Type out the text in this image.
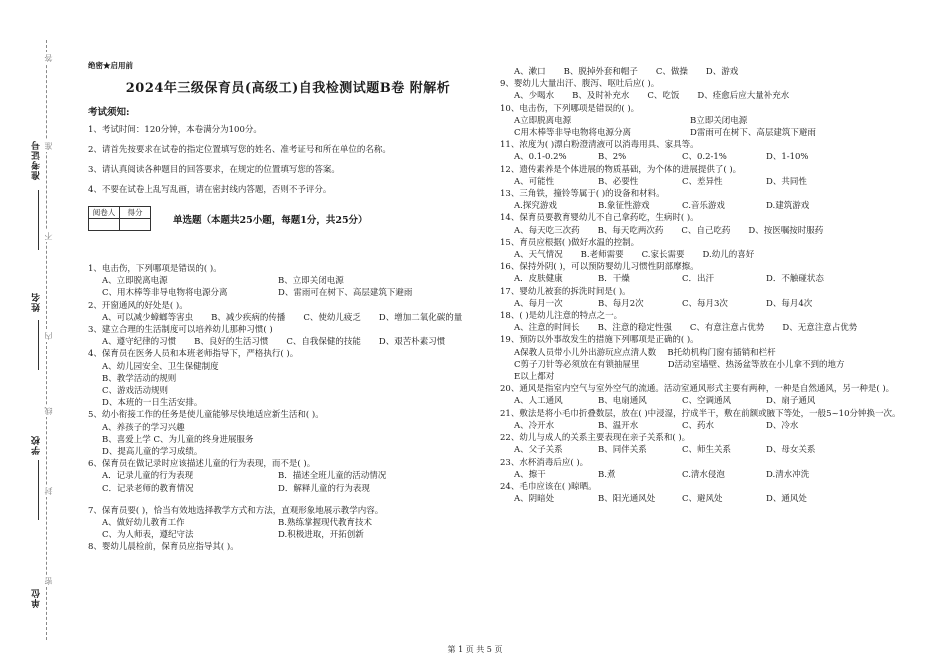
准考证号
姓名
学校
单位
答
准
不
内
线
封
密
绝密★启用前
2024年三级保育员(高级工)自我检测试题B卷 附解析
考试须知:
1、考试时间：120分钟，本卷满分为100分。
2、请首先按要求在试卷的指定位置填写您的姓名、准考证号和所在单位的名称。
3、请认真阅读各种题目的回答要求，在规定的位置填写您的答案。
4、不要在试卷上乱写乱画，请在密封线内答题，否则不予评分。
阅卷人	得分

单选题（本题共25小题，每题1分，共25分）
1、电击伤，下列哪项是错误的( )。
A、立即脱离电源	B、立即关闭电源
C、用木棒等非导电物将电源分离	D、雷雨可在树下、高层建筑下避雨
2、开窗通风的好处是( )。
A、可以减少蟑螂等害虫 B、减少疾病的传播 C、使幼儿疲乏 D、增加二氧化碳的量
3、建立合理的生活制度可以培养幼儿那种习惯( )
A、遵守纪律的习惯 B、良好的生活习惯 C、自我保健的技能 D、艰苦朴素习惯
4、保育员在医务人员和本班老师指导下，严格执行( )。
A、幼儿园安全、卫生保健制度
B、教学活动的规则
C、游戏活动规则
D、本班的一日生活安排。
5、幼小衔接工作的任务是使儿童能够尽快地适应新生活和( )。
A、养孩子的学习兴趣
B、喜爱上学 C、为儿童的终身进展服务
D、提高儿童的学习成绩。
6、保育员在做记录时应该描述儿童的行为表现，而不是( )。
A．记录儿童的行为表现	B．描述全班儿童的活动情况
C．记录老师的教育情况	D．解释儿童的行为表现
7、保育员要( )，恰当有效地选择教学方式和方法，直观形象地展示教学内容。
A、做好幼儿教育工作	B.熟练掌握现代教育技术
C、为人师表，遵纪守法	D.积极进取，开拓创新
8、婴幼儿晨检前，保育员应指导其( )。
A、漱口 B、脱掉外套和帽子 C、做操 D、游戏
9、婴幼儿大量出汗、腹泻、呕吐后应( )。
A、少喝水 B、及时补充水 C、吃饭 D、痊愈后应大量补充水
10、电击伤，下列哪项是错误的( )。
A立即脱离电源	B立即关闭电源
C用木棒等非导电物将电源分离	D雷雨可在树下、高层建筑下避雨
11、浓度为( )漂白粉澄清液可以消毒用具、家具等。
A、0.1-0.2%	B、2%	C、0.2-1%	D、1-10%
12、遗传素养是个体进展的物质基础，为个体的进展提供了( )。
A、可能性	B、必要性	C、差异性	D、共同性
13、三角铁，撞铃等属于( )的设备和材料。
A.探究游戏	B.象征性游戏	C.音乐游戏	D.建筑游戏
14、保育员要教育婴幼儿不自己拿药吃，生病时( )。
A、每天吃三次药 B、每天吃两次药 C、自己吃药 D、按医嘱按时服药
15、育员应根据( )做好水温的控制。
A、天气情况 B.老师需要 C.家长需要 D.幼儿的喜好
16、保持外阴( )，可以预防婴幼儿习惯性阴部摩擦。
A．皮肤健康	B．干燥	C．出汗	D．不触碰状态
17、婴幼儿被套的拆洗时间是( )。
A、每月一次	B、每月2次	C、每月3次	D、每月4次
18、( )是幼儿注意的特点之一。
A、注意的时间长 B、注意的稳定性强 C、有意注意占优势 D、无意注意占优势
19、预防以外事故发生的措施下列哪项是正确的( )。
A保教人员带小儿外出游玩应点清人数 　B托幼机构门窗有插销和栏杆
C剪子刀针等必须放在有锁抽屉里 　　　D活动室墙壁、热汤盆等放在小儿拿不到的地方
E以上都对
20、通风是指室内空气与室外空气的流通。活动室通风形式主要有两种，一种是自然通风，另一种是( )。
A、人工通风	B、电扇通风	C、空调通风	D、扇子通风
21、敷法是将小毛巾折叠数层，放在( )中浸湿，拧成半干，敷在前额或腋下等处，一般5~10分钟换一次。
A、冷开水	B、温开水	C、药水	D、冷水
22、幼儿与成人的关系主要表现在亲子关系和( )。
A、父子关系	B、同伴关系	C、师生关系	D、母女关系
23、水杯消毒后应( )。
A、擦干	B.煮	C.清水侵泡	D.清水冲洗
24、毛巾应该在( )晾晒。
A、阴暗处	B、阳光通风处	C、避风处	D、通风处
第 1 页 共 5 页
